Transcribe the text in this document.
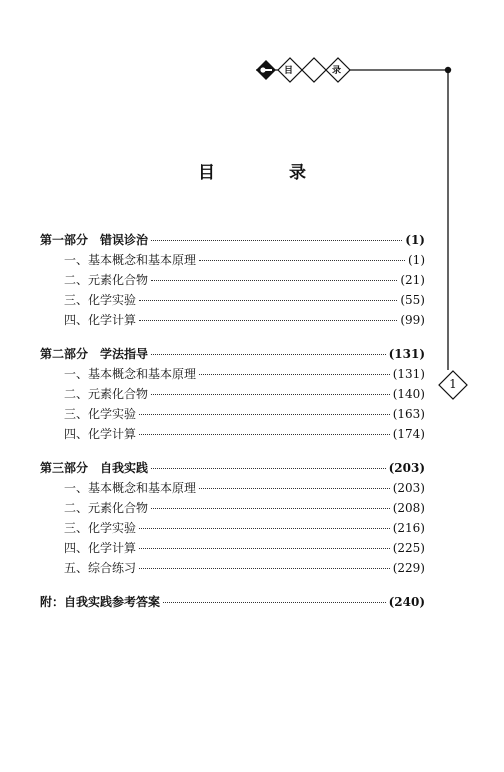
目	录
目 录
第一部分　错误诊治	(1)
一、基本概念和基本原理	(1)
二、元素化合物	(21)
三、化学实验	(55)
四、化学计算	(99)
第二部分　学法指导	(131)
一、基本概念和基本原理	(131)
二、元素化合物	(140)
三、化学实验	(163)
四、化学计算	(174)
第三部分　自我实践	(203)
一、基本概念和基本原理	(203)
二、元素化合物	(208)
三、化学实验	(216)
四、化学计算	(225)
五、综合练习	(229)
附：自我实践参考答案	(240)
1
